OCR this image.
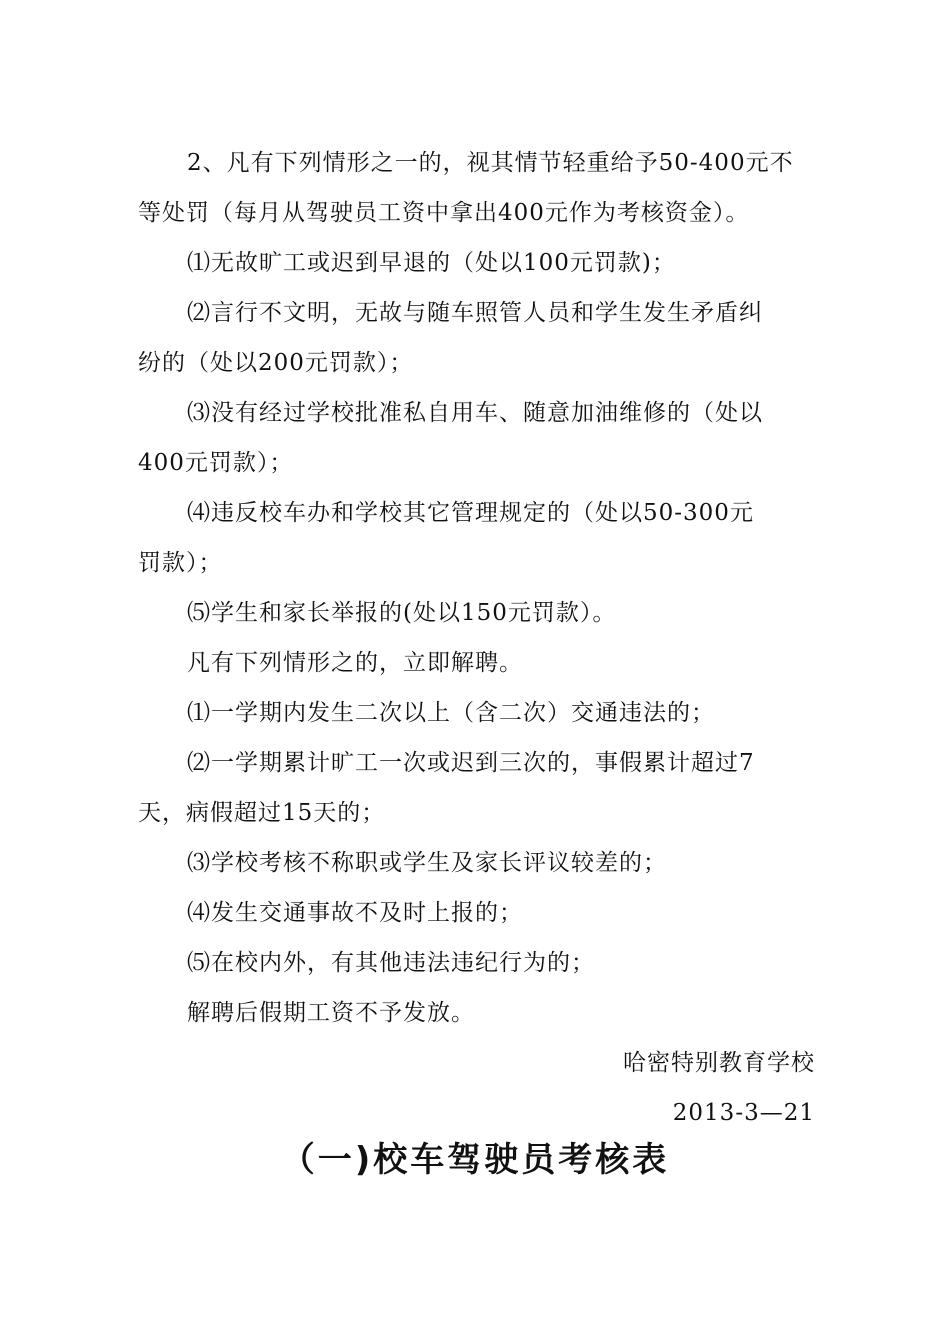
2、凡有下列情形之一的，视其情节轻重给予50-400元不
等处罚（每月从驾驶员工资中拿出400元作为考核资金）。
⑴无故旷工或迟到早退的（处以100元罚款)；
⑵言行不文明，无故与随车照管人员和学生发生矛盾纠
纷的（处以200元罚款）；
⑶没有经过学校批准私自用车、随意加油维修的（处以
400元罚款）；
⑷违反校车办和学校其它管理规定的（处以50-300元
罚款）；
⑸学生和家长举报的(处以150元罚款）。
凡有下列情形之的，立即解聘。
⑴一学期内发生二次以上（含二次）交通违法的；
⑵一学期累计旷工一次或迟到三次的，事假累计超过7
天，病假超过15天的；
⑶学校考核不称职或学生及家长评议较差的；
⑷发生交通事故不及时上报的；
⑸在校内外，有其他违法违纪行为的；
解聘后假期工资不予发放。
哈密特别教育学校
2013-3—21
（一)校车驾驶员考核表
